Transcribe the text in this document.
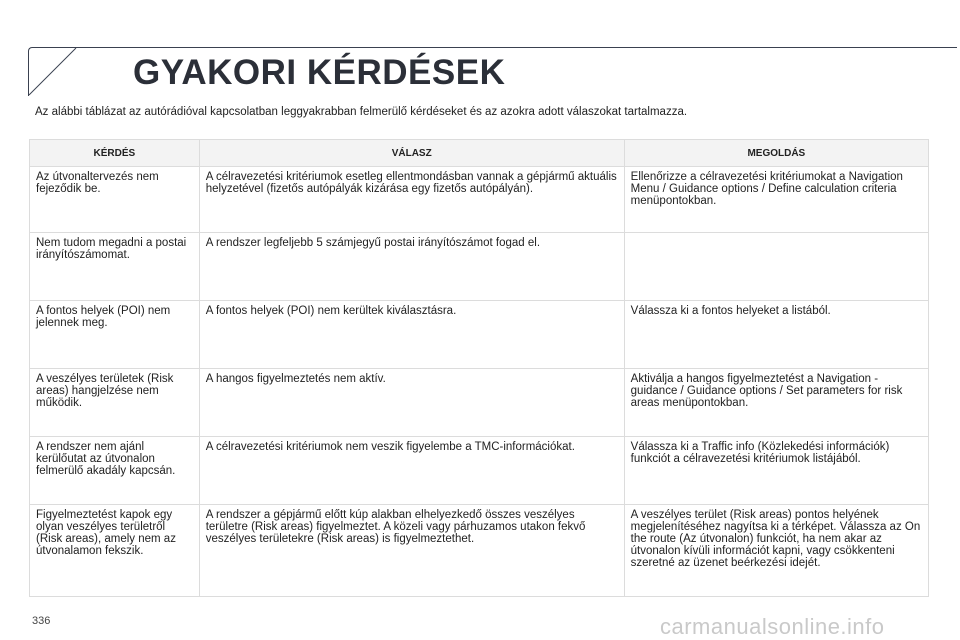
GYAKORI KÉRDÉSEK
Az alábbi táblázat az autórádióval kapcsolatban leggyakrabban felmerülő kérdéseket és az azokra adott válaszokat tartalmazza.
KÉRDÉS	VÁLASZ	MEGOLDÁS
Az útvonaltervezés nem fejeződik be.	A célravezetési kritériumok esetleg ellentmondásban vannak a gépjármű aktuális helyzetével (fizetős autópályák kizárása egy fizetős autópályán).	Ellenőrizze a célravezetési kritériumokat a Navigation Menu / Guidance options / Define calculation criteria menüpontokban.
Nem tudom megadni a postai irányítószámomat.	A rendszer legfeljebb 5 számjegyű postai irányítószámot fogad el.	
A fontos helyek (POI) nem jelennek meg.	A fontos helyek (POI) nem kerültek kiválasztásra.	Válassza ki a fontos helyeket a listából.
A veszélyes területek (Risk areas) hangjelzése nem működik.	A hangos figyelmeztetés nem aktív.	Aktiválja a hangos figyelmeztetést a Navigation - guidance / Guidance options / Set parameters for risk areas menüpontokban.
A rendszer nem ajánl kerülőutat az útvonalon felmerülő akadály kapcsán.	A célravezetési kritériumok nem veszik figyelembe a TMC-információkat.	Válassza ki a Traffic info (Közlekedési információk) funkciót a célravezetési kritériumok listájából.
Figyelmeztetést kapok egy olyan veszélyes területről (Risk areas), amely nem az útvonalamon fekszik.	A rendszer a gépjármű előtt kúp alakban elhelyezkedő összes veszélyes területre (Risk areas) figyelmeztet. A közeli vagy párhuzamos utakon fekvő veszélyes területekre (Risk areas) is figyelmeztethet.	A veszélyes terület (Risk areas) pontos helyének megjelenítéséhez nagyítsa ki a térképet. Válassza az On the route (Az útvonalon) funkciót, ha nem akar az útvonalon kívüli információt kapni, vagy csökkenteni szeretné az üzenet beérkezési idejét.
336	carmanualsonline.info
